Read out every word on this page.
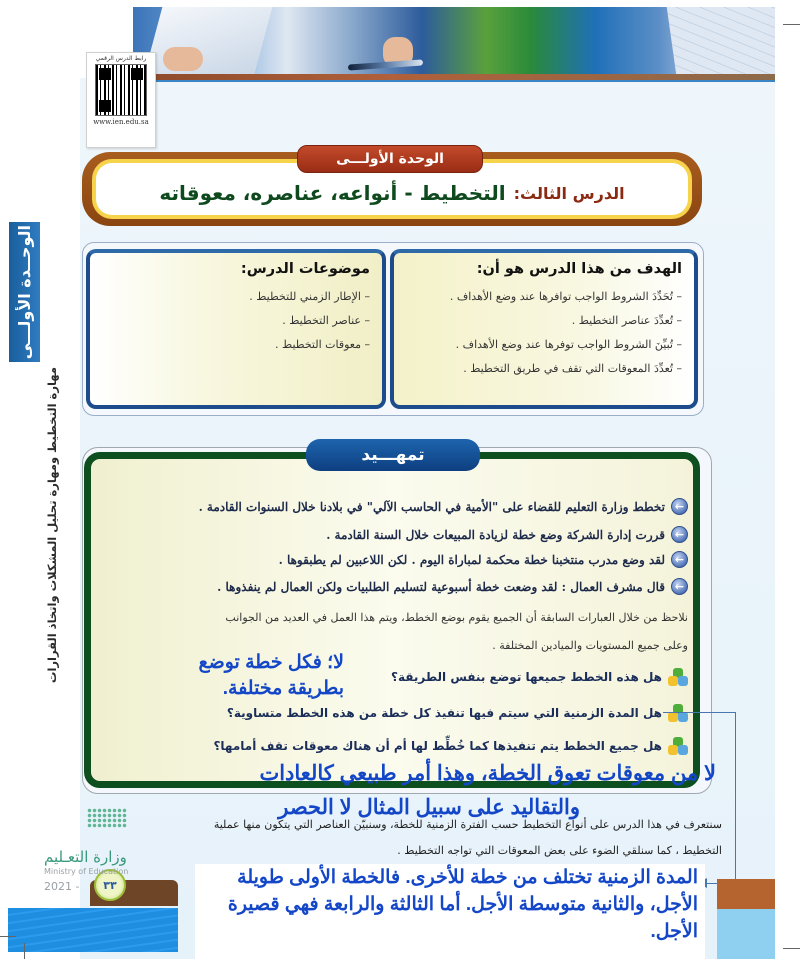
رابط الدرس الرقمي
www.ien.edu.sa
الوحــدة الأولـــى
مهارة التخطيط ومهارة تحليل المشكلات واتخاذ القرارات
الدرس الثالث:
التخطيط - أنواعه، عناصره، معوقاته
الوحدة الأولـــى
الهدف من هذا الدرس هو أن:
– تُحَدِّدَ الشروط الواجب توافرها عند وضع الأهداف .
– تُعدِّدَ عناصر التخطيط .
– تُبيِّنَ الشروط الواجب توفرها عند وضع الأهداف .
– تُعدِّدَ المعوقات التي تقف في طريق التخطيط .
موضوعات الدرس:
– الإطار الزمني للتخطيط .
– عناصر التخطيط .
– معوقات التخطيط .
تمهـــيد
←
تخطط وزارة التعليم للقضاء على "الأمية في الحاسب الآلي" في بلادنا خلال السنوات القادمة .
←
قررت إدارة الشركة وضع خطة لزيادة المبيعات خلال السنة القادمة .
←
لقد وضع مدرب منتخبنا خطة محكمة لمباراة اليوم . لكن اللاعبين لم يطبقوها .
←
قال مشرف العمال : لقد وضعت خطة أسبوعية لتسليم الطلبيات ولكن العمال لم ينفذوها .
نلاحظ من خلال العبارات السابقة أن الجميع يقوم بوضع الخطط، ويتم هذا العمل في العديد من الجوانب
وعلى جميع المستويات والميادين المختلفة .
هل هذه الخطط جميعها توضع بنفس الطريقة؟
هل المدة الزمنية التي سيتم فيها تنفيذ كل خطة من هذه الخطط متساوية؟
هل جميع الخطط يتم تنفيذها كما خُطِّط لها أم أن هناك معوقات تقف أمامها؟
لا؛ فكل خطة توضع بطريقة مختلفة.
لا من معوقات تعوق الخطة، وهذا أمر طبيعي كالعادات
سنتعرف في هذا الدرس على أنواع التخطيط حسب الفترة الزمنية للخطة، وسنبيّن العناصر التي يتكون منها عملية
التخطيط ، كما سنلقي الضوء على بعض المعوقات التي تواجه التخطيط .
والتقاليد على سبيل المثال لا الحصر
المدة الزمنية تختلف من خطة للأخرى. فالخطة الأولى طويلة الأجل، والثانية متوسطة الأجل. أما الثالثة والرابعة فهي قصيرة الأجل.
٣٣
وزارة التعـليم
Ministry of Education
2021 -
